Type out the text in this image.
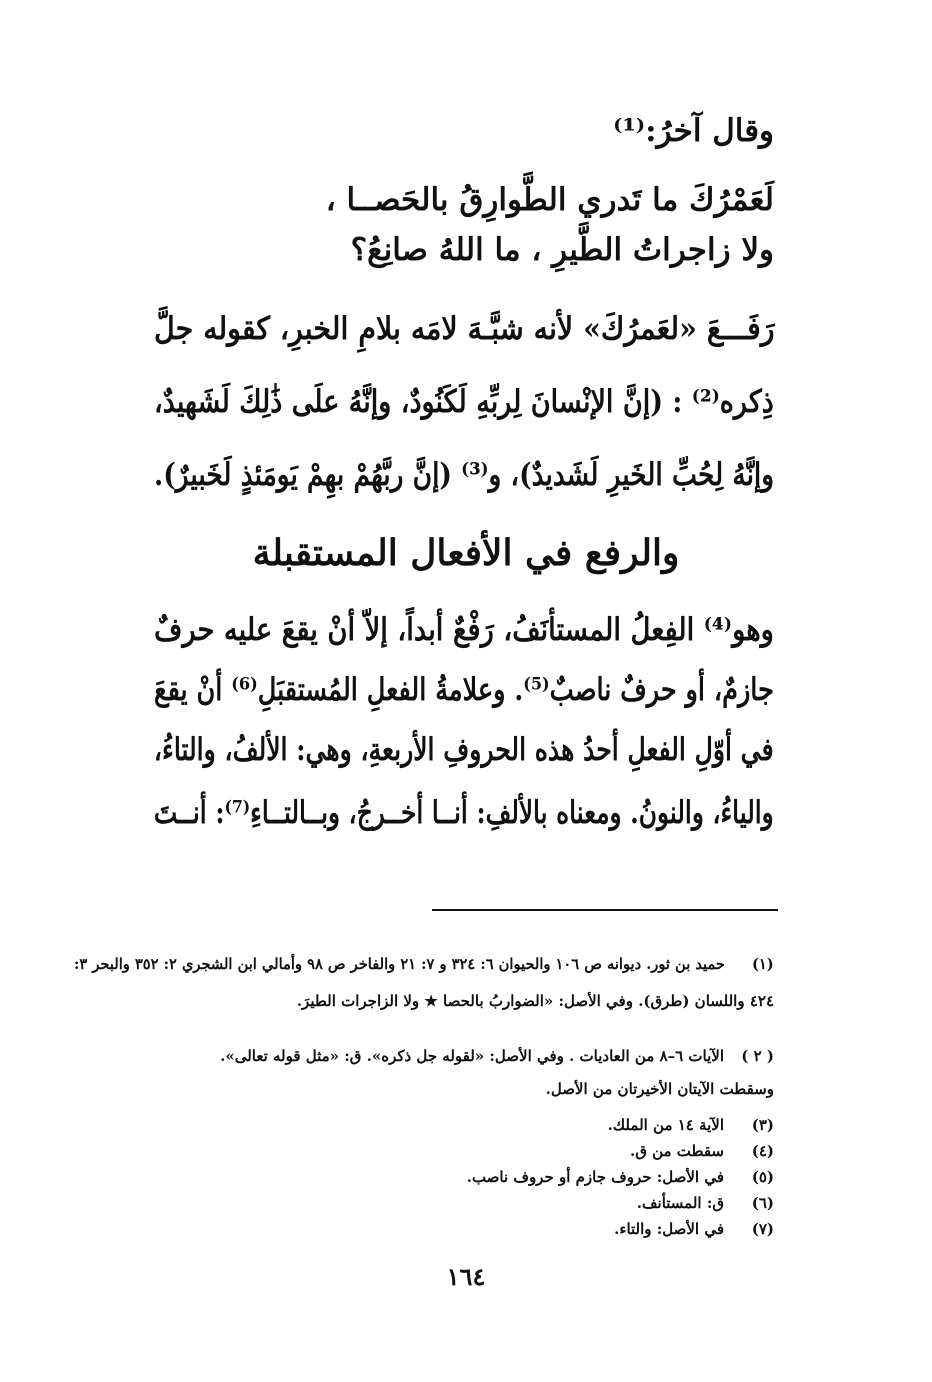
وقال آخرُ:⁽¹⁾
لَعَمْرُكَ ما تَدري الطَّوارِقُ بالحَصــا ،
ولا زاجراتُ الطَّيرِ ، ما اللهُ صانِعُ؟
رَفَـــعَ «لعَمرُكَ» لأنه شبَّـهَ لامَه بلامِ الخبرِ، كقوله جلَّ
ذِكره⁽²⁾ : (إنَّ الإنْسانَ لِربِّهِ لَكَنُودٌ، وإنَّهُ علَى ذَٰلِكَ لَشَهيدٌ،
وإنَّهُ لِحُبِّ الخَيرِ لَشَديدٌ)، و⁽³⁾ (إنَّ ربَّهُمْ بهِمْ يَومَئذٍ لَخَبيرٌ).
والرفع في الأفعال المستقبلة
وهو⁽⁴⁾ الفِعلُ المستأنَفُ، رَفْعٌ أبداً، إلاّ أنْ يقعَ عليه حرفٌ
جازمٌ، أو حرفٌ ناصبٌ⁽⁵⁾. وعلامةُ الفعلِ المُستقبَلِ⁽⁶⁾ أنْ يقعَ
في أوّلِ الفعلِ أحدُ هذه الحروفِ الأربعةِ، وهي: الألفُ، والتاءُ،
والياءُ، والنونُ. ومعناه بالألفِ: أنــا أخــرجُ، وبــالتــاءِ⁽⁷⁾: أنــتَ
(١)حميد بن ثور. ديوانه ص ١٠٦ والحيوان ٦: ٣٢٤ و ٧: ٢١ والفاخر ص ٩٨ وأمالي ابن الشجري ٢: ٣٥٢ والبحر ٣:
٤٢٤ واللسان (طرق). وفي الأصل: «الضواربُ بالحصا ★ ولا الزاجرات الطيرَ.
( ٢ )الآيات ٦–٨ من العاديات . وفي الأصل: «لقوله جل ذكره». ق: «مثل قوله تعالى».
وسقطت الآيتان الأخيرتان من الأصل.
(٣)الآية ١٤ من الملك.
(٤)سقطت من ق.
(٥)في الأصل: حروف جازم أو حروف ناصب.
(٦)ق: المستأنف.
(٧)في الأصل: والتاء.
١٦٤
